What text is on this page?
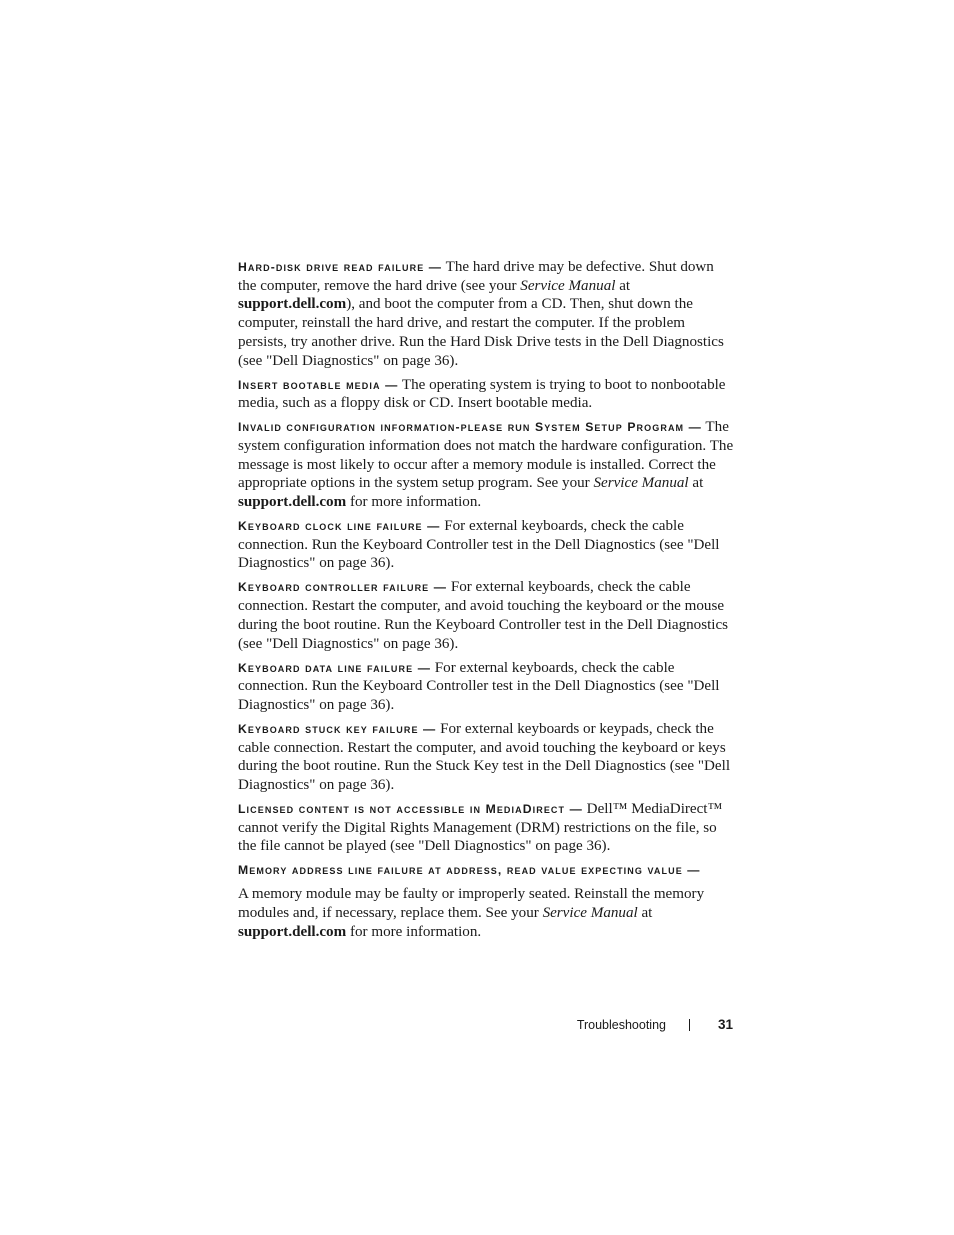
Hard-disk drive read failure — The hard drive may be defective. Shut down the computer, remove the hard drive (see your Service Manual at support.dell.com), and boot the computer from a CD. Then, shut down the computer, reinstall the hard drive, and restart the computer. If the problem persists, try another drive. Run the Hard Disk Drive tests in the Dell Diagnostics (see "Dell Diagnostics" on page 36).

Insert bootable media — The operating system is trying to boot to nonbootable media, such as a floppy disk or CD. Insert bootable media.

Invalid configuration information-please run System Setup Program — The system configuration information does not match the hardware configuration. The message is most likely to occur after a memory module is installed. Correct the appropriate options in the system setup program. See your Service Manual at support.dell.com for more information.

Keyboard clock line failure — For external keyboards, check the cable connection. Run the Keyboard Controller test in the Dell Diagnostics (see "Dell Diagnostics" on page 36).

Keyboard controller failure — For external keyboards, check the cable connection. Restart the computer, and avoid touching the keyboard or the mouse during the boot routine. Run the Keyboard Controller test in the Dell Diagnostics (see "Dell Diagnostics" on page 36).

Keyboard data line failure — For external keyboards, check the cable connection. Run the Keyboard Controller test in the Dell Diagnostics (see "Dell Diagnostics" on page 36).

Keyboard stuck key failure — For external keyboards or keypads, check the cable connection. Restart the computer, and avoid touching the keyboard or keys during the boot routine. Run the Stuck Key test in the Dell Diagnostics (see "Dell Diagnostics" on page 36).

Licensed content is not accessible in MediaDirect — Dell™ MediaDirect™ cannot verify the Digital Rights Management (DRM) restrictions on the file, so the file cannot be played (see "Dell Diagnostics" on page 36).

Memory address line failure at address, read value expecting value —

A memory module may be faulty or improperly seated. Reinstall the memory modules and, if necessary, replace them. See your Service Manual at support.dell.com for more information.

Troubleshooting	31
